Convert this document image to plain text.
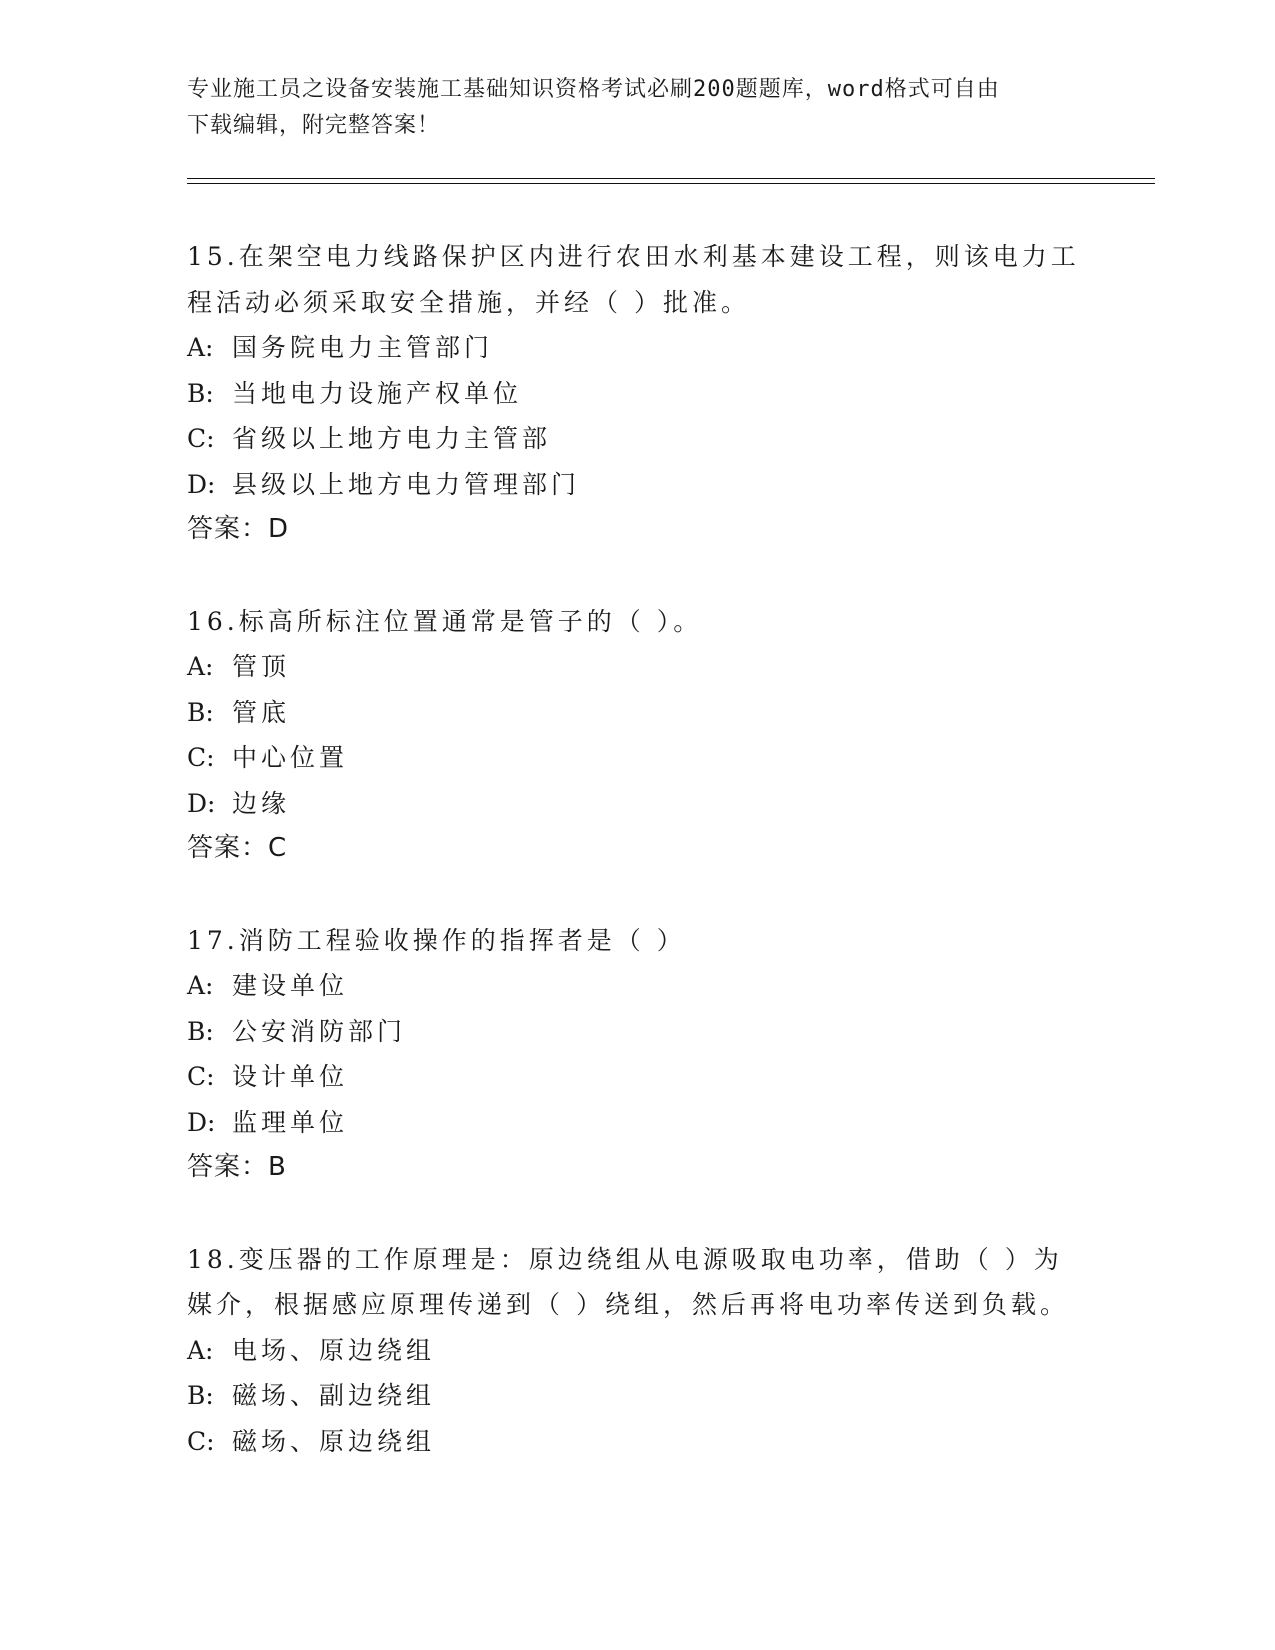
专业施工员之设备安装施工基础知识资格考试必刷200题题库，word格式可自由
下载编辑，附完整答案！
15.在架空电力线路保护区内进行农田水利基本建设工程，则该电力工
程活动必须采取安全措施，并经（ ）批准。
A: 国务院电力主管部门
B: 当地电力设施产权单位
C: 省级以上地方电力主管部
D: 县级以上地方电力管理部门
答案：D
16.标高所标注位置通常是管子的（ ）。
A: 管顶
B: 管底
C: 中心位置
D: 边缘
答案：C
17.消防工程验收操作的指挥者是（ ）
A: 建设单位
B: 公安消防部门
C: 设计单位
D: 监理单位
答案：B
18.变压器的工作原理是：原边绕组从电源吸取电功率，借助（ ）为
媒介，根据感应原理传递到（ ）绕组，然后再将电功率传送到负载。
A: 电场、原边绕组
B: 磁场、副边绕组
C: 磁场、原边绕组
